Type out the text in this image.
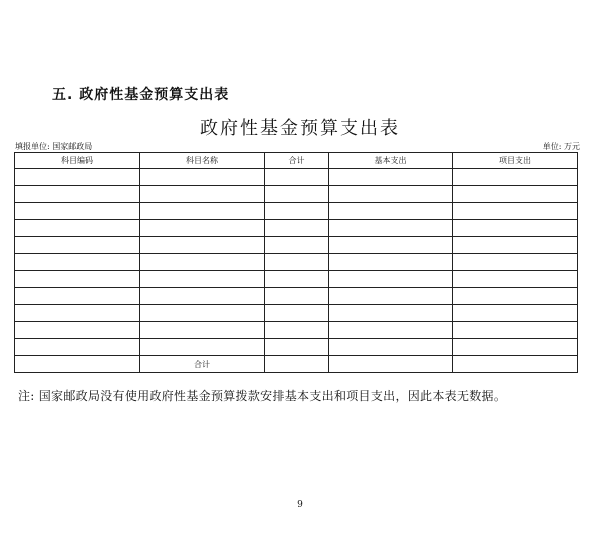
五. 政府性基金预算支出表
政府性基金预算支出表
填报单位: 国家邮政局	单位: 万元
科目编码	科目名称	合计	基本支出	项目支出

	合计			
注: 国家邮政局没有使用政府性基金预算拨款安排基本支出和项目支出，因此本表无数据。
9
